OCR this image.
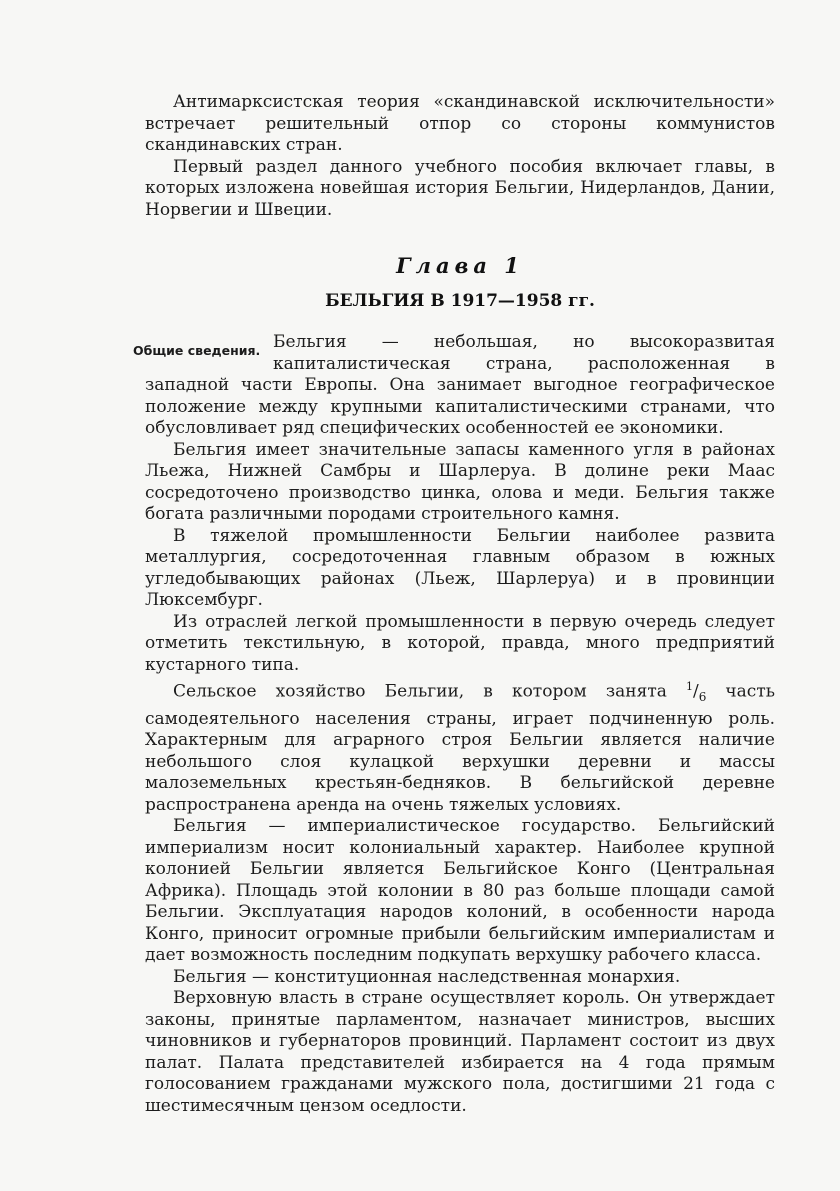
Антимарксистская теория «скандинавской исключительности» встречает решительный отпор со стороны коммунистов скандинавских стран.

Первый раздел данного учебного пособия включает главы, в которых изложена новейшая история Бельгии, Нидерландов, Дании, Норвегии и Швеции.

Глава 1
БЕЛЬГИЯ В 1917—1958 гг.
Общие сведения. Бельгия — небольшая, но высокоразвитая капиталистическая страна, расположенная в западной части Европы. Она занимает выгодное географическое положение между крупными капиталистическими странами, что обусловливает ряд специфических особенностей ее экономики.

Бельгия имеет значительные запасы каменного угля в районах Льежа, Нижней Самбры и Шарлеруа. В долине реки Маас сосредоточено производство цинка, олова и меди. Бельгия также богата различными породами строительного камня.

В тяжелой промышленности Бельгии наиболее развита металлургия, сосредоточенная главным образом в южных угледобывающих районах (Льеж, Шарлеруа) и в провинции Люксембург.

Из отраслей легкой промышленности в первую очередь следует отметить текстильную, в которой, правда, много предприятий кустарного типа.

Сельское хозяйство Бельгии, в котором занята $^1/_6$ часть самодеятельного населения страны, играет подчиненную роль. Характерным для аграрного строя Бельгии является наличие небольшого слоя кулацкой верхушки деревни и массы малоземельных крестьян-бедняков. В бельгийской деревне распространена аренда на очень тяжелых условиях.

Бельгия — империалистическое государство. Бельгийский империализм носит колониальный характер. Наиболее крупной колонией Бельгии является Бельгийское Конго (Центральная Африка). Площадь этой колонии в 80 раз больше площади самой Бельгии. Эксплуатация народов колоний, в особенности народа Конго, приносит огромные прибыли бельгийским империалистам и дает возможность последним подкупать верхушку рабочего класса.

Бельгия — конституционная наследственная монархия.

Верховную власть в стране осуществляет король. Он утверждает законы, принятые парламентом, назначает министров, высших чиновников и губернаторов провинций. Парламент состоит из двух палат. Палата представителей избирается на 4 года прямым голосованием гражданами мужского пола, достигшими 21 года с шестимесячным цензом оседлости.
